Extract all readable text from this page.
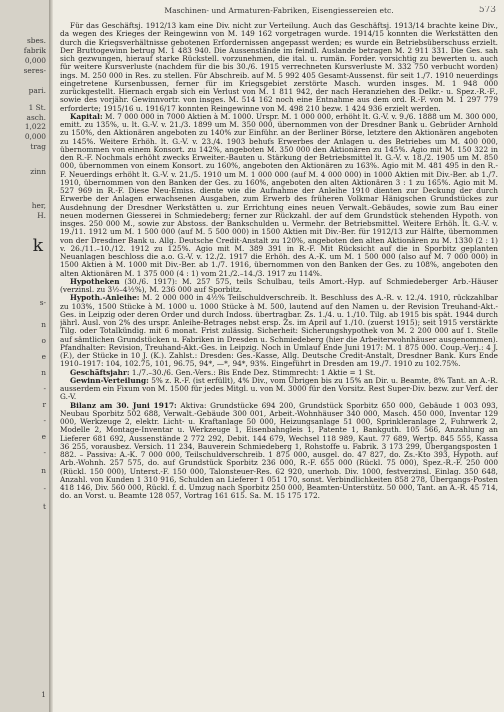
sbes.
fabrik
0,000
seres-
pari.
1 St.
asch.
1,022
0,000
trag
zinn
her,
H.
k
s-
n
o
e
n
-
r
-
e
-
n
-
t
1
Maschinen- und Armaturen-Fabriken, Eisengiessereien etc.	573

Für das Geschäftsj. 1912/13 kam eine Div. nicht zur Verteilung. Auch das Geschäftsj. 1913/14 brachte keine Div., da wegen des Krieges der Reingewinn von M. 149 162 vorgetragen wurde. 1914/15 konnten die Werkstätten den durch die Kriegsverhältnisse gebotenen Erfordernissen angepasst werden; es wurde ein Betriebsüberschuss erzielt. Der Bruttogewinn betrug M. 1 483 940. Die Aussenstände im feindl. Auslande betragen M. 2 911 331. Die Ges. sah sich gezwungen, hierauf starke Rückstell. vorzunehmen, die ital. u. rumän. Forder. vorsichtig zu bewerten u. auch für weitere Kursverluste (nachdem für die bis 30./6. 1915 verrechneten Kursverluste M. 332 750 verbucht worden) ings. M. 250 000 in Res. zu stellen. Für Abschreib. auf M. 5 992 405 Gesamt-Aussenst. für seit 1./7. 1910 neuerdings eingetretene Kursenbussen, ferner für im Kriegsgebiet zerstörte Masch. wurden insges. M. 1 948 000 zurückgestellt. Hiernach ergab sich ein Verlust von M. 1 811 942, der nach Heranziehen des Delkr.- u. Spez.-R.-F., sowie des vorjähr. Gewinnvortr. von insges. M. 514 162 noch eine Entnahme aus dem ord. R.-F. von M. 1 297 779 erforderte; 1915/16 u. 1916/17 konnten Reingewinne von M. 498 210 bezw. 1 424 936 erzielt werden.

Kapital: M. 7 000 000 in 7000 Aktien à M. 1000. Urspr. M. 1 000 000, erhöht lt. G.-V. v. 9./6. 1888 um M. 300 000, emitt. zu 135%, u. lt. G.-V. v. 21./3. 1899 um M. 350 000, übernommen von der Dresdner Bank u. Gebrüder Arnhold zu 150%, den Aktionären angeboten zu 140% zur Einführ. an der Berliner Börse, letztere den Aktionären angeboten zu 145%. Weitere Erhöh. lt. G.-V. v. 23./4. 1903 behufs Erwerbes der Anlagen u. des Betriebes um M. 400 000, übernommen von einem Konsort. zu 142%, angeboten M. 350 000 den Aktionären zu 145%. Agio mit M. 150 322 in den R.-F. Nochmals erhöht zwecks Erweiter.-Bauten u. Stärkung der Betriebsmittel lt. G.-V. v. 18./2. 1905 um M. 850 000, übernommen von einem Konsort. zu 160%, angeboten den Aktionären zu 163%. Agio mit M. 481 495 in den R.-F. Neuerdings erhöht lt. G.-V. v. 21./5. 1910 um M. 1 000 000 (auf M. 4 000 000) in 1000 Aktien mit Div.-Ber. ab 1./7. 1910, übernommen von den Banken der Ges. zu 160%, angeboten den alten Aktionären 3 : 1 zu 165%. Agio mit M. 527 969 in R.-F. Diese Neu-Emiss. diente wie die Aufnahme der Anleihe 1910 dienten zur Deckung der durch Erwerbe der Anlagen erwachsenen Ausgaben, zum Erwerb des früheren Volkmar Hänigschen Grundstückes zur Ausdehnung der Dresdner Werkstätten u. zur Errichtung eines neuen Verwalt.-Gebäudes, sowie zum Bau einer neuen modernen Giesserei in Schmiedeberg; ferner zur Rückzahl. der auf dem Grundstück stehenden Hypoth. von insges. 250 000 M., sowie zur Abstoss. der Bankschulden u. Vermehr. der Betriebsmittel. Weitere Erhöh. lt. G.-V. v. 19./11. 1912 um M. 1 500 000 (auf M. 5 500 000) in 1500 Aktien mit Div.-Ber. für 1912/13 zur Hälfte, übernommen von der Dresdner Bank u. Allg. Deutsche Credit-Anstalt zu 120%, angeboten den alten Aktionären zu M. 1330 (2 : 1) v. 26./11.–10./12. 1912 zu 125%. Agio mit M. 389 391 in R.-F. Mit Rücksicht auf die in Sporbitz geplanten Neuanlagen beschloss die a.o. G.-V. v. 12./2. 1917 die Erhöh. des A.-K. um M. 1 500 000 (also auf M. 7 000 000) in 1500 Aktien à M. 1000 mit Div.-Ber. ab 1./7. 1916, übernommen von den Banken der Ges. zu 108%, angeboten den alten Aktionären M. 1 375 000 (4 : 1) vom 21./2.–14./3. 1917 zu 114%.

Hypotheken (30./6. 1917): M. 257 575, teils Schulbau, teils Amort.-Hyp. auf Schmiedeberger Arb.-Häuser (verzinsl. zu 3½–4½%), M. 236 000 auf Sporbitz.

Hypoth.-Anleihe: M. 2 000 000 in 4½% Teilschuldverschreib. lt. Beschluss des A.-R. v. 12./4. 1910, rückzahlbar zu 103%, 1500 Stücke à M. 1000 u. 1000 Stücke à M. 500, lautend auf den Namen u. der Revision Treuhand-Akt.-Ges. in Leipzig oder deren Order und durch Indoss. übertragbar. Zs. 1./4. u. 1./10. Tilg. ab 1915 bis spät. 1944 durch jährl. Ausl. von 2% des urspr. Anleihe-Betrages nebst ersp. Zs. im April auf 1./10. (zuerst 1915); seit 1915 verstärkte Tilg. oder Totalkündig. mit 6 monat. Frist zulässig. Sicherheit: Sicherungshypothek von M. 2 200 000 auf 1. Stelle auf sämtlichen Grundstücken u. Fabriken in Dresden u. Schmiedeberg (hier die Arbeiterwohnhäuser ausgenommen). Pfandhalter: Revision, Treuhand-Akt.-Ges. in Leipzig. Noch in Umlauf Ende Juni 1917: M. 1 875 000. Coup.-Verj.: 4 J. (F.), der Stücke in 10 J. (K.). Zahlst.: Dresden: Ges.-Kasse, Allg. Deutsche Credit-Anstalt, Dresdner Bank. Kurs Ende 1910–1917: 104, 102.75, 101, 96.75, 94*, —*, 94*, 93%. Eingeführt in Dresden am 19./7. 1910 zu 102.75%.

Geschäftsjahr: 1./7.–30./6. Gen.-Vers.: Bis Ende Dez. Stimmrecht: 1 Aktie = 1 St.

Gewinn-Verteilung: 5% z. R.-F. (ist erfüllt), 4% Div., vom Übrigen bis zu 15% an Dir. u. Beamte, 8% Tant. an A.-R. ausserdem ein Fixum von M. 1500 für jedes Mitgl. u. von M. 3000 für den Vorsitz. Rest Super-Div. bezw. zur Verf. der G.-V.

Bilanz am 30. Juni 1917: Aktiva: Grundstücke 694 200, Grundstück Sporbitz 650 000, Gebäude 1 003 093, Neubau Sporbitz 502 688, Verwalt.-Gebäude 300 001, Arbeit.-Wohnhäuser 340 000, Masch. 450 000, Inventar 129 000, Werkzeuge 2, elektr. Licht- u. Kraftanlage 50 000, Heizungsanlage 51 000, Sprinkleranlage 2, Fuhrwerk 2, Modelle 2, Montage-Inventar u. Werkzeuge 1, Eisenbahngleis 1, Patente 1, Bankguth. 105 566, Anzahlung an Lieferer 681 692, Aussenstände 2 772 292, Debit. 144 679, Wechsel 118 989, Kaut. 77 689, Wertp. 845 555, Kassa 36 255, vorausbez. Versich. 11 234, Bauverein Schmiedeberg 1, Rohstoffe u. Fabrik. 3 173 299, Übergangsposten 1 882. – Passiva: A.-K. 7 000 000, Teilschuldverschreib. 1 875 000, ausgel. do. 47 827, do. Zs.-Kto 393, Hypoth. auf Arb.-Wohnh. 257 575, do. auf Grundstück Sporbitz 236 000, R.-F. 655 000 (Rückl. 75 000), Spez.-R.-F. 250 000 (Rückl. 150 000), Unterst.-F. 150 000, Talonsteuer-Res. 62 920, unerhob. Div. 1000, festverzinsl. Einlag. 350 648, Anzahl. von Kunden 1 310 916, Schulden an Lieferer 1 051 170, sonst. Verbindlichkeiten 858 278, Übergangs-Posten 418 146, Div. 560 000, Rückl. f. d. Umzug nach Sporbitz 250 000, Beamten-Unterstütz. 50 000, Tant. an A.-R. 45 714, do. an Vorst. u. Beamte 128 057, Vortrag 161 615. Sa. M. 15 175 172.
